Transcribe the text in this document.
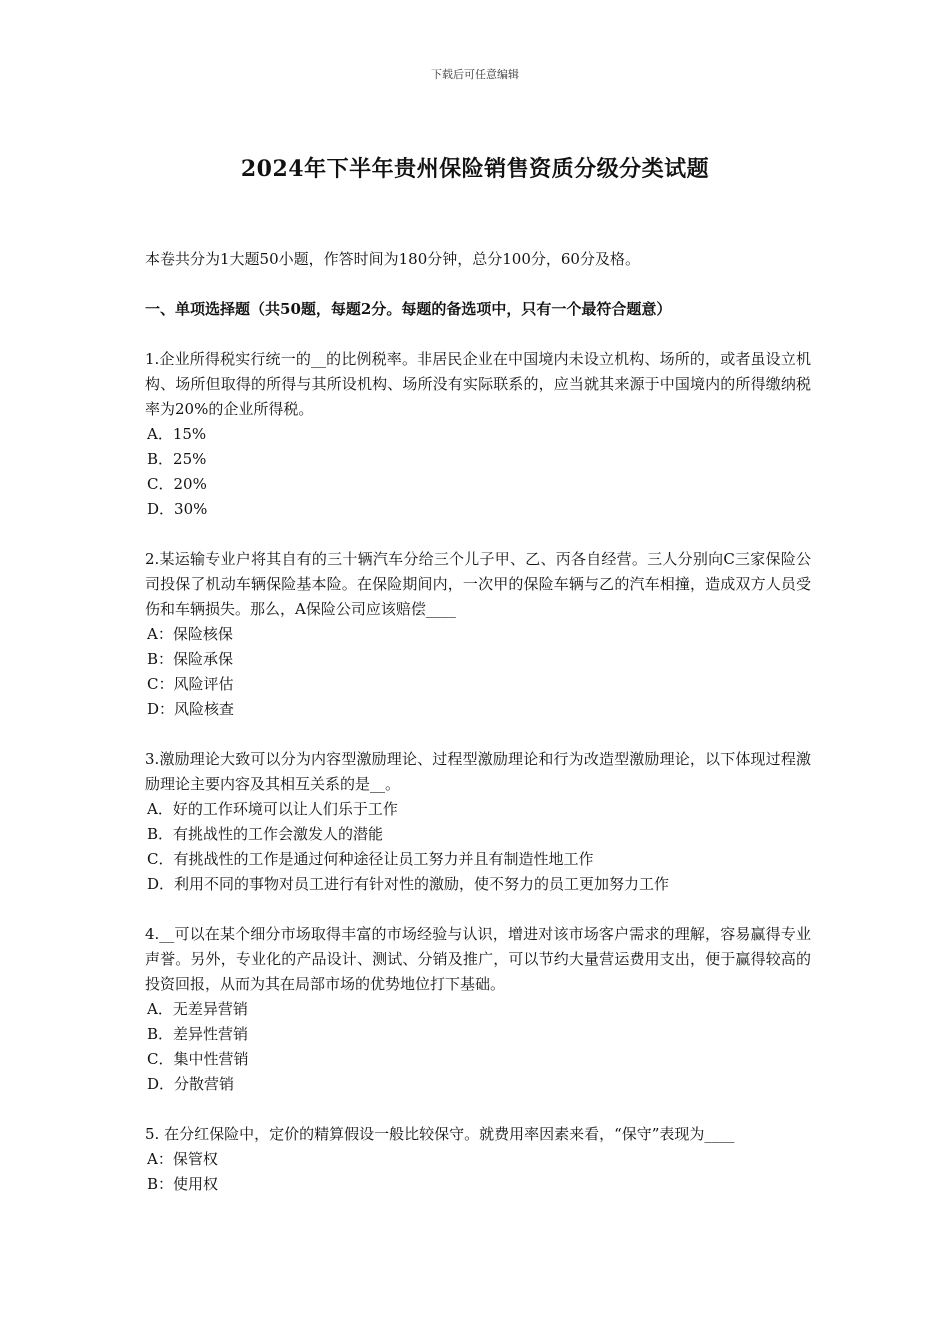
下载后可任意编辑
2024年下半年贵州保险销售资质分级分类试题

本卷共分为1大题50小题，作答时间为180分钟，总分100分，60分及格。

一、单项选择题（共50题，每题2分。每题的备选项中，只有一个最符合题意）

1.企业所得税实行统一的__的比例税率。非居民企业在中国境内未设立机构、场所的，或者虽设立机构、场所但取得的所得与其所设机构、场所没有实际联系的，应当就其来源于中国境内的所得缴纳税率为20%的企业所得税。

A．15%
B．25%
C．20%
D．30%

2.某运输专业户将其自有的三十辆汽车分给三个儿子甲、乙、丙各自经营。三人分别向C三家保险公司投保了机动车辆保险基本险。在保险期间内，一次甲的保险车辆与乙的汽车相撞，造成双方人员受伤和车辆损失。那么，A保险公司应该赔偿____

A：保险核保
B：保险承保
C：风险评估
D：风险核查

3.激励理论大致可以分为内容型激励理论、过程型激励理论和行为改造型激励理论，以下体现过程激励理论主要内容及其相互关系的是__。

A．好的工作环境可以让人们乐于工作
B．有挑战性的工作会激发人的潜能
C．有挑战性的工作是通过何种途径让员工努力并且有制造性地工作
D．利用不同的事物对员工进行有针对性的激励，使不努力的员工更加努力工作

4.__可以在某个细分市场取得丰富的市场经验与认识，增进对该市场客户需求的理解，容易赢得专业声誉。另外，专业化的产品设计、测试、分销及推广，可以节约大量营运费用支出，便于赢得较高的投资回报，从而为其在局部市场的优势地位打下基础。

A．无差异营销
B．差异性营销
C．集中性营销
D．分散营销

5. 在分红保险中，定价的精算假设一般比较保守。就费用率因素来看，“保守”表现为____

A：保管权
B：使用权
